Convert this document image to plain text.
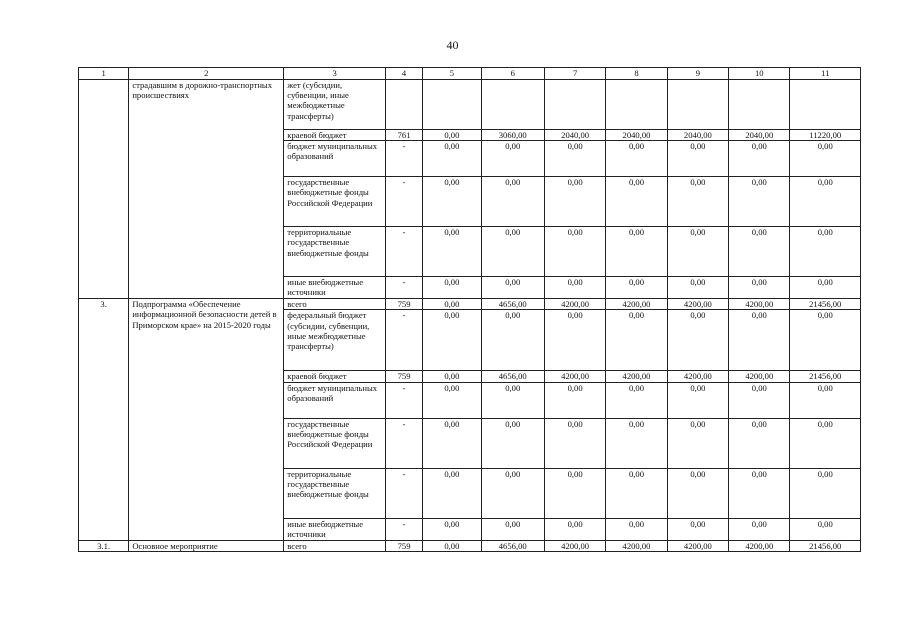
40
1	2	3	4	5	6	7	8	9	10	11
	страдавшим в дорожно-транспортных происшествиях	жет (субсидии, субвенции, иные межбюджетные трансферты)								
		краевой бюджет	761	0,00	3060,00	2040,00	2040,00	2040,00	2040,00	11220,00
		бюджет муниципальных образований	-	0,00	0,00	0,00	0,00	0,00	0,00	0,00
		государственные внебюджетные фонды Российской Федерации	-	0,00	0,00	0,00	0,00	0,00	0,00	0,00
		территориальные государственные внебюджетные фонды	-	0,00	0,00	0,00	0,00	0,00	0,00	0,00
		иные внебюджетные источники	-	0,00	0,00	0,00	0,00	0,00	0,00	0,00
3.	Подпрограмма «Обеспечение информационной безопасности детей в Приморском крае» на 2015-2020 годы	всего	759	0,00	4656,00	4200,00	4200,00	4200,00	4200,00	21456,00
		федеральный бюджет (субсидии, субвенции, иные межбюджетные трансферты)	-	0,00	0,00	0,00	0,00	0,00	0,00	0,00
		краевой бюджет	759	0,00	4656,00	4200,00	4200,00	4200,00	4200,00	21456,00
		бюджет муниципальных образований	-	0,00	0,00	0,00	0,00	0,00	0,00	0,00
		государственные внебюджетные фонды Российской Федерации	-	0,00	0,00	0,00	0,00	0,00	0,00	0,00
		территориальные государственные внебюджетные фонды	-	0,00	0,00	0,00	0,00	0,00	0,00	0,00
		иные внебюджетные источники	-	0,00	0,00	0,00	0,00	0,00	0,00	0,00
3.1.	Основное мероприятие	всего	759	0,00	4656,00	4200,00	4200,00	4200,00	4200,00	21456,00
